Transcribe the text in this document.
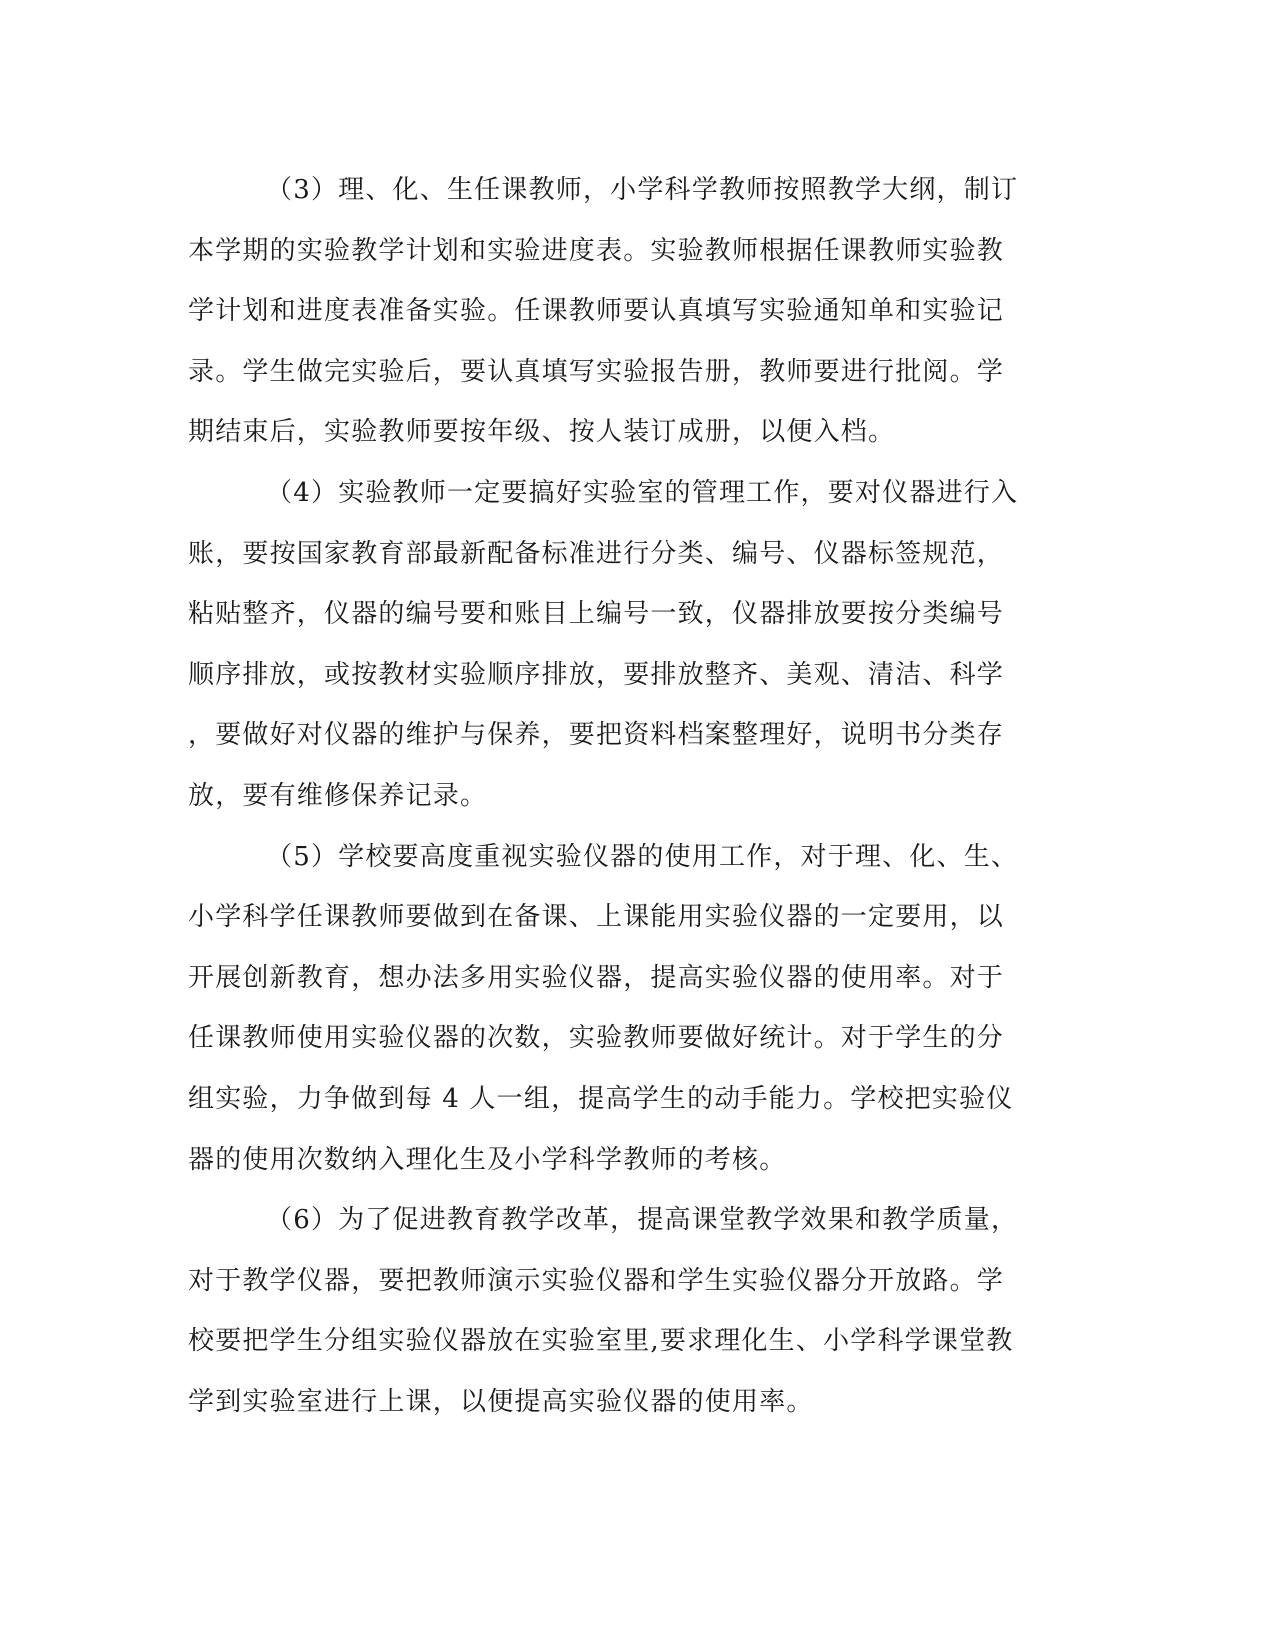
（3）理、化、生任课教师，小学科学教师按照教学大纲，制订
本学期的实验教学计划和实验进度表。实验教师根据任课教师实验教
学计划和进度表准备实验。任课教师要认真填写实验通知单和实验记
录。学生做完实验后，要认真填写实验报告册，教师要进行批阅。学
期结束后，实验教师要按年级、按人装订成册，以便入档。
（4）实验教师一定要搞好实验室的管理工作，要对仪器进行入
账，要按国家教育部最新配备标准进行分类、编号、仪器标签规范，
粘贴整齐，仪器的编号要和账目上编号一致，仪器排放要按分类编号
顺序排放，或按教材实验顺序排放，要排放整齐、美观、清洁、科学
，要做好对仪器的维护与保养，要把资料档案整理好，说明书分类存
放，要有维修保养记录。
（5）学校要高度重视实验仪器的使用工作，对于理、化、生、
小学科学任课教师要做到在备课、上课能用实验仪器的一定要用，以
开展创新教育，想办法多用实验仪器，提高实验仪器的使用率。对于
任课教师使用实验仪器的次数，实验教师要做好统计。对于学生的分
组实验，力争做到每 4 人一组，提高学生的动手能力。学校把实验仪
器的使用次数纳入理化生及小学科学教师的考核。
（6）为了促进教育教学改革，提高课堂教学效果和教学质量，
对于教学仪器，要把教师演示实验仪器和学生实验仪器分开放路。学
校要把学生分组实验仪器放在实验室里,要求理化生、小学科学课堂教
学到实验室进行上课，以便提高实验仪器的使用率。
